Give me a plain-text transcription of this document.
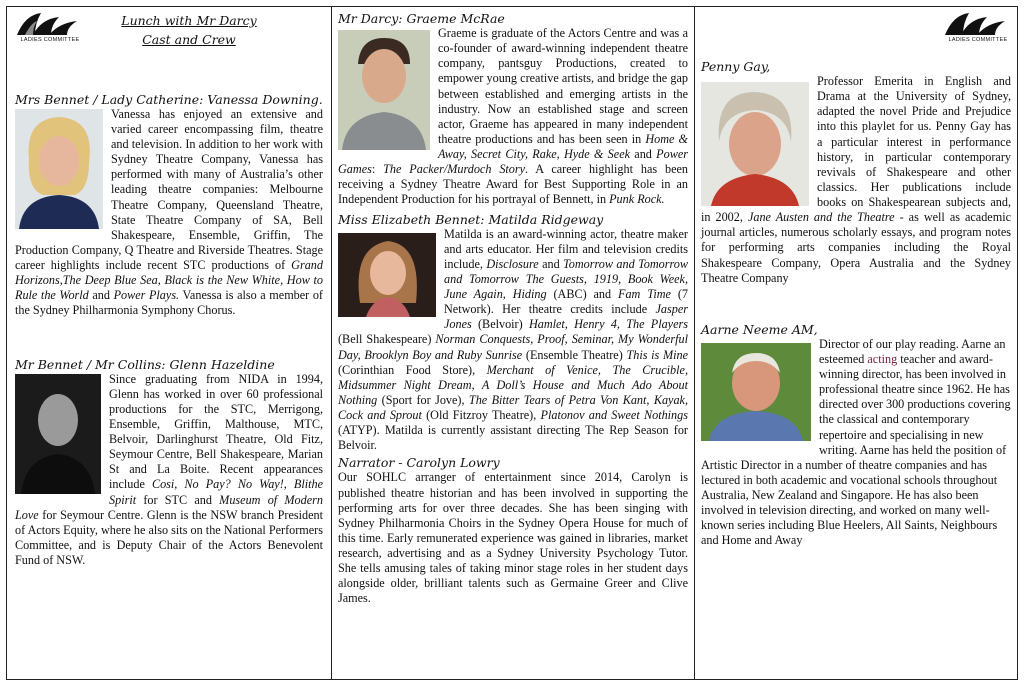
LADIES COMMITTEE
Lunch with Mr Darcy
Cast and Crew
Mrs Bennet / Lady Catherine: Vanessa Downing.

Vanessa has enjoyed an extensive and varied career encompassing film, theatre and television. In addition to her work with Sydney Theatre Company, Vanessa has performed with many of Australia’s other leading theatre companies: Melbourne Theatre Company, Queensland Theatre, State Theatre Company of SA, Bell Shakespeare, Ensemble, Griffin, The Production Company, Q Theatre and Riverside Theatres. Stage career highlights include recent STC productions of Grand Horizons,The Deep Blue Sea, Black is the New White, How to Rule the World and Power Plays. Vanessa is also a member of the Sydney Philharmonia Symphony Chorus.

Mr Bennet / Mr Collins: Glenn Hazeldine

Since graduating from NIDA in 1994, Glenn has worked in over 60 professional productions for the STC, Merrigong, Ensemble, Griffin, Malthouse, MTC, Belvoir, Darlinghurst Theatre, Old Fitz, Seymour Centre, Bell Shakespeare, Marian St and La Boite. Recent appearances include Cosi, No Pay? No Way!, Blithe Spirit for STC and Museum of Modern Love for Seymour Centre. Glenn is the NSW branch President of Actors Equity, where he also sits on the National Performers Committee, and is Deputy Chair of the Actors Benevolent Fund of NSW.

Mr Darcy: Graeme McRae

Graeme is graduate of the Actors Centre and was a co-founder of award-winning independent theatre company, pantsguy Productions, created to empower young creative artists, and bridge the gap between established and emerging artists in the industry. Now an established stage and screen actor, Graeme has appeared in many independent theatre productions and has been seen in Home & Away, Secret City, Rake, Hyde & Seek and Power Games: The Packer/Murdoch Story. A career highlight has been receiving a Sydney Theatre Award for Best Supporting Role in an Independent Production for his portrayal of Bennett, in Punk Rock.

Miss Elizabeth Bennet: Matilda Ridgeway

Matilda is an award-winning actor, theatre maker and arts educator. Her film and television credits include, Disclosure and Tomorrow and Tomorrow and Tomorrow The Guests, 1919, Book Week, June Again, Hiding (ABC) and Fam Time (7 Network). Her theatre credits include Jasper Jones (Belvoir) Hamlet, Henry 4, The Players (Bell Shakespeare) Norman Conquests, Proof, Seminar, My Wonderful Day, Brooklyn Boy and Ruby Sunrise (Ensemble Theatre) This is Mine (Corinthian Food Store), Merchant of Venice, The Crucible, Midsummer Night Dream, A Doll’s House and Much Ado About Nothing (Sport for Jove), The Bitter Tears of Petra Von Kant, Kayak, Cock and Sprout (Old Fitzroy Theatre), Platonov and Sweet Nothings (ATYP). Matilda is currently assistant directing The Rep Season for Belvoir.

Narrator - Carolyn Lowry

Our SOHLC arranger of entertainment since 2014, Carolyn is published theatre historian and has been involved in supporting the performing arts for over three decades. She has been singing with Sydney Philharmonia Choirs in the Sydney Opera House for much of this time. Early remunerated experience was gained in libraries, market research, advertising and as a Sydney University Psychology Tutor. She tells amusing tales of taking minor stage roles in her student days alongside older, brilliant talents such as Germaine Greer and Clive James.

LADIES COMMITTEE
Penny Gay,

Professor Emerita in English and Drama at the University of Sydney, adapted the novel Pride and Prejudice into this playlet for us. Penny Gay has a particular interest in performance history, in particular contemporary revivals of Shakespeare and other classics. Her publications include books on Shakespearean subjects and, in 2002, Jane Austen and the Theatre - as well as academic journal articles, numerous scholarly essays, and program notes for performing arts companies including the Royal Shakespeare Company, Opera Australia and the Sydney Theatre Company

Aarne Neeme AM,

Director of our play reading. Aarne an esteemed acting teacher and award-winning director, has been involved in professional theatre since 1962. He has directed over 300 productions covering the classical and contemporary repertoire and specialising in new writing. Aarne has held the position of Artistic Director in a number of theatre companies and has lectured in both academic and vocational schools throughout Australia, New Zealand and Singapore. He has also been involved in television directing, and worked on many well-known series including Blue Heelers, All Saints, Neighbours and Home and Away
